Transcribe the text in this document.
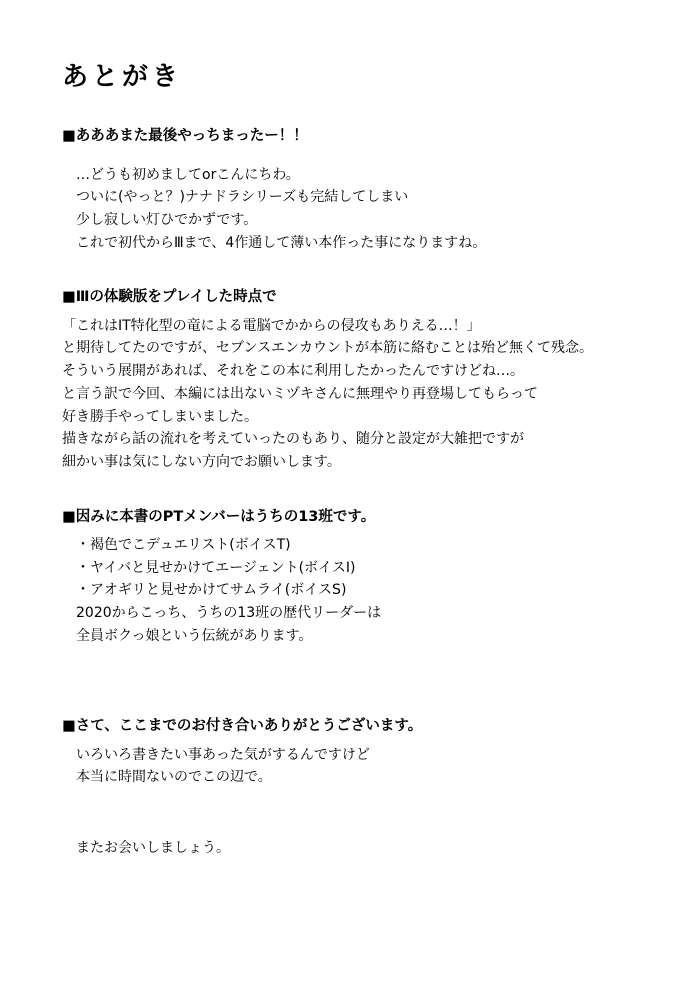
あとがき
■あああまた最後やっちまったー！！

…どうも初めましてorこんにちわ。

ついに(やっと？)ナナドラシリーズも完結してしまい

少し寂しい灯ひでかずです。

これで初代からⅢまで、4作通して薄い本作った事になりますね。

■Ⅲの体験版をプレイした時点で

「これはIT特化型の竜による電脳でかからの侵攻もありえる…！」

と期待してたのですが、セブンスエンカウントが本筋に絡むことは殆ど無くて残念。

そういう展開があれば、それをこの本に利用したかったんですけどね…。

と言う訳で今回、本編には出ないミヅキさんに無理やり再登場してもらって

好き勝手やってしまいました。

描きながら話の流れを考えていったのもあり、随分と設定が大雑把ですが

細かい事は気にしない方向でお願いします。

■因みに本書のPTメンバーはうちの13班です。

・褐色でこデュエリスト(ボイスT)

・ヤイバと見せかけてエージェント(ボイスI)

・アオギリと見せかけてサムライ(ボイスS)

2020からこっち、うちの13班の歴代リーダーは

全員ボクっ娘という伝統があります。

■さて、ここまでのお付き合いありがとうございます。

いろいろ書きたい事あった気がするんですけど

本当に時間ないのでこの辺で。

またお会いしましょう。
